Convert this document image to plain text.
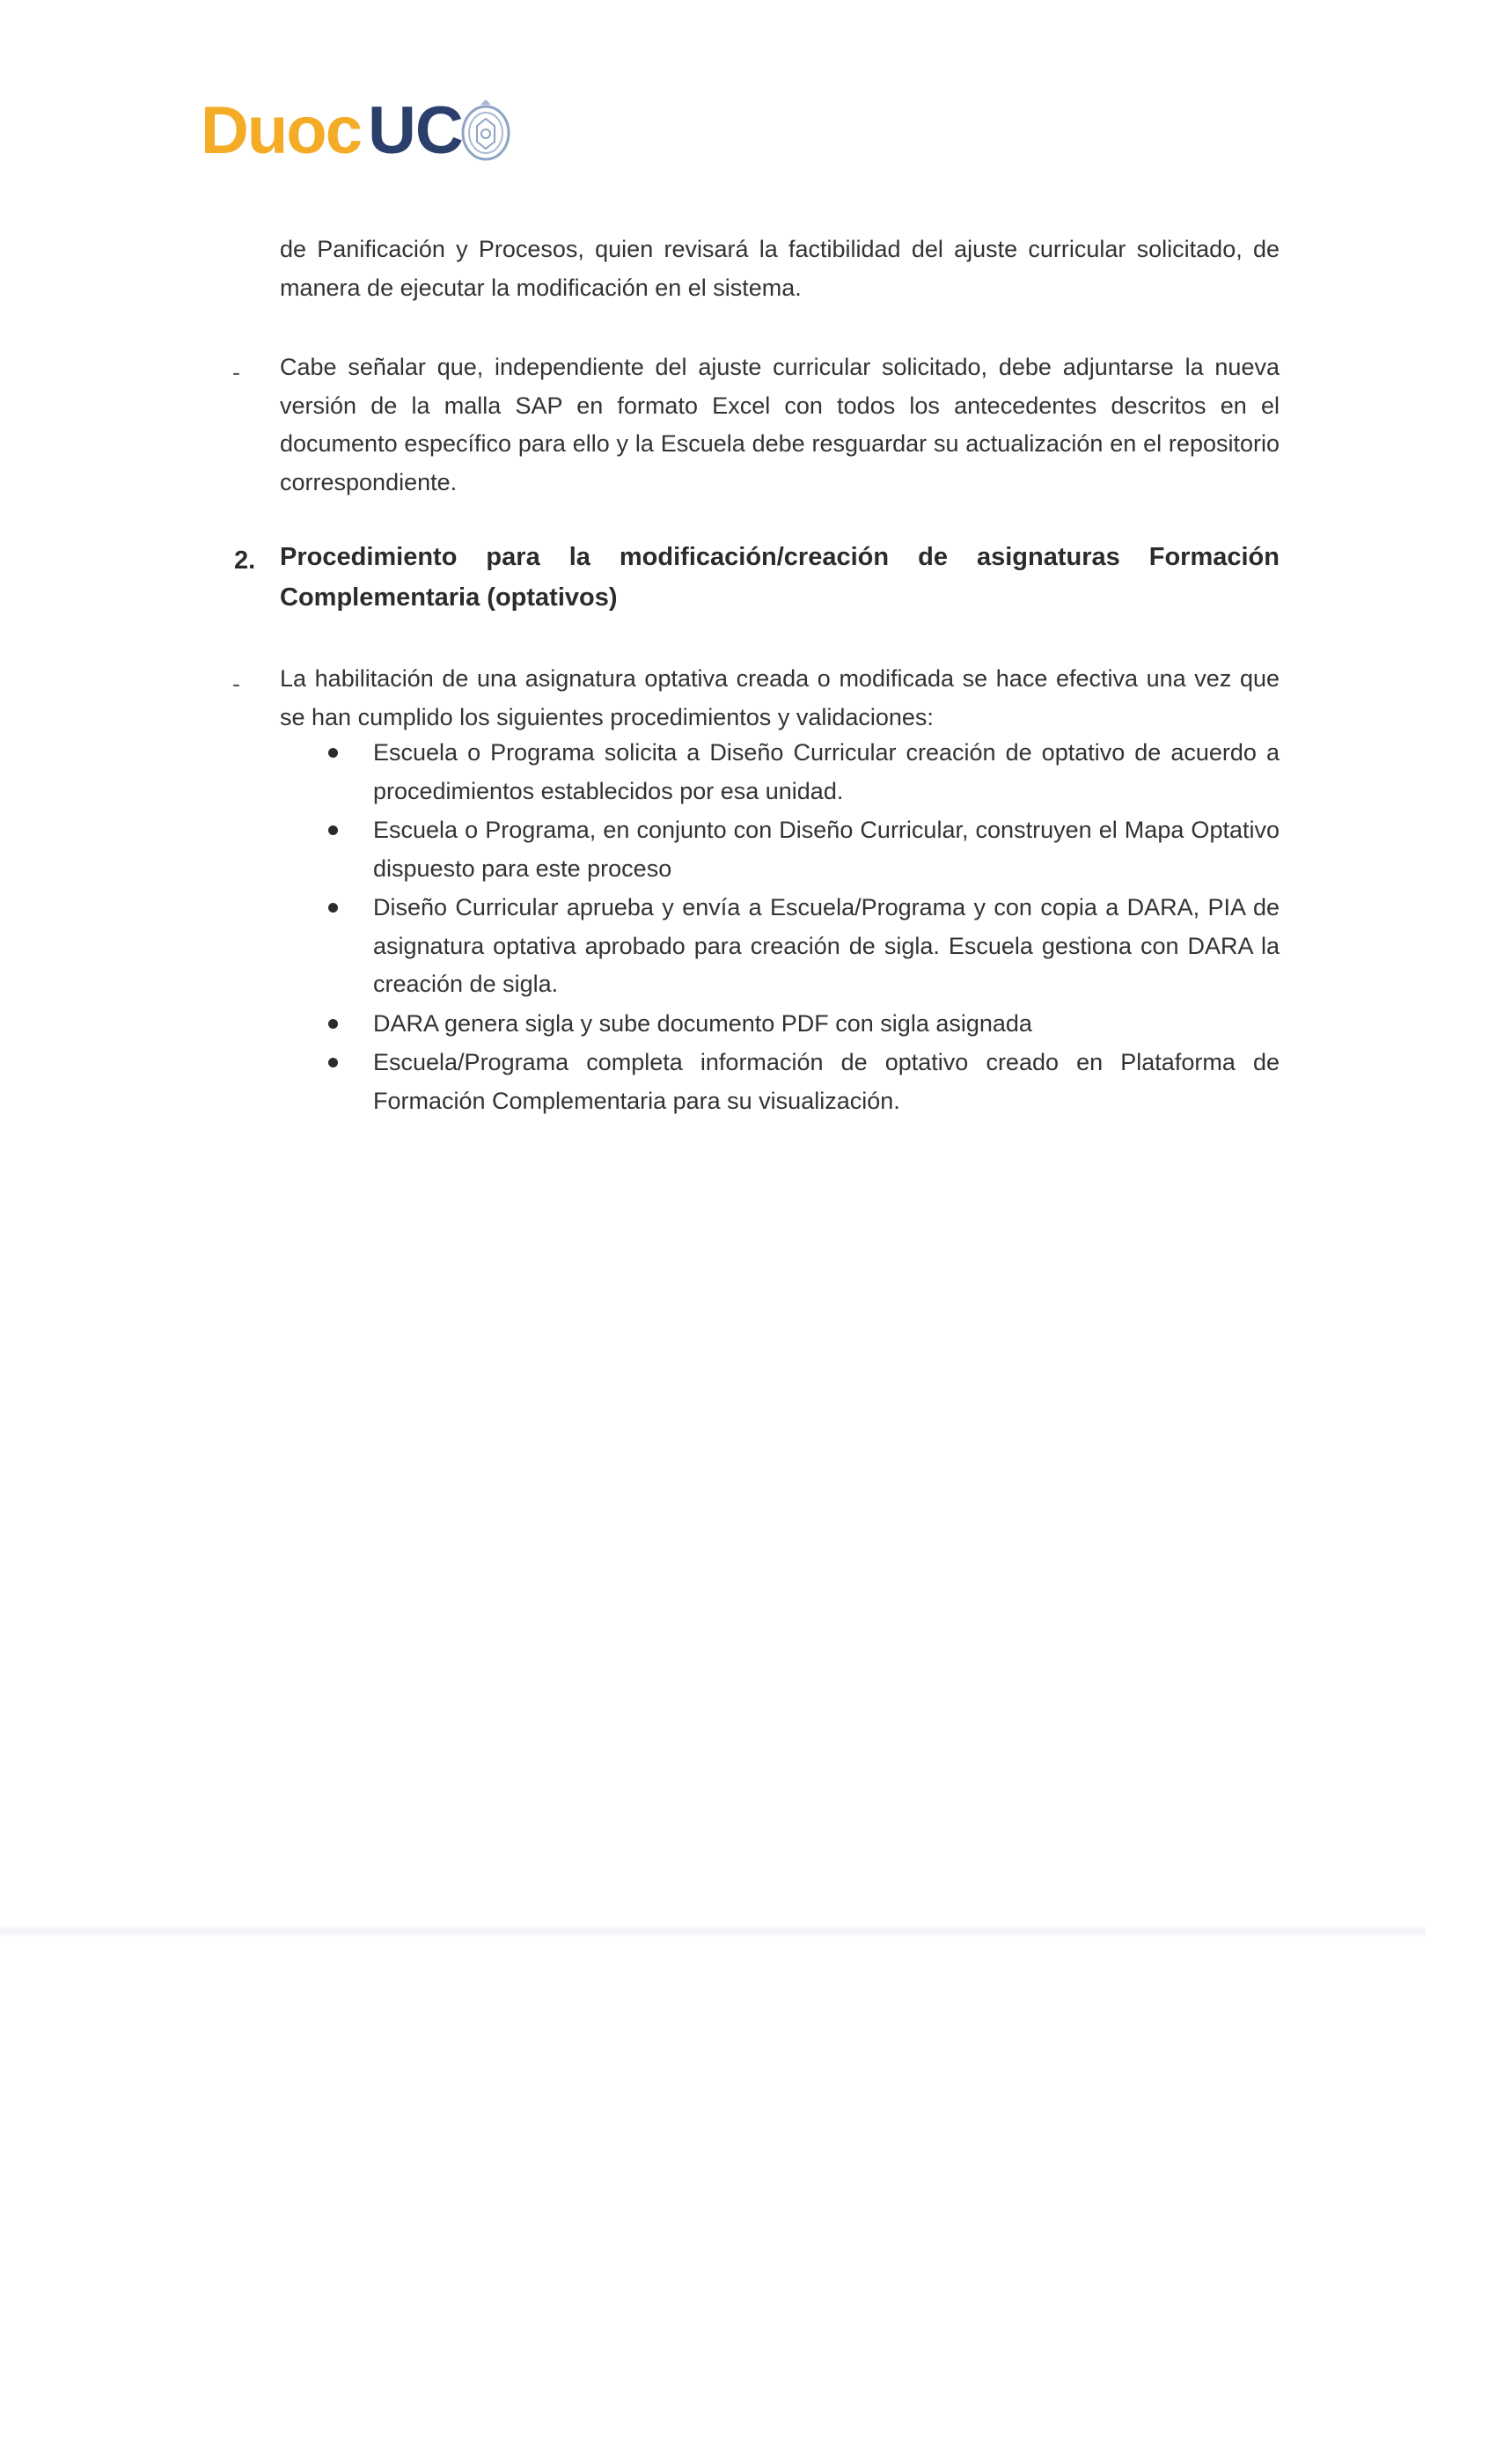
Duoc UC

de Panificación y Procesos, quien revisará la factibilidad del ajuste curricular solicitado, de manera de ejecutar la modificación en el sistema.

- Cabe señalar que, independiente del ajuste curricular solicitado, debe adjuntarse la nueva versión de la malla SAP en formato Excel con todos los antecedentes descritos en el documento específico para ello y la Escuela debe resguardar su actualización en el repositorio correspondiente.

2. Procedimiento para la modificación/creación de asignaturas Formación Complementaria (optativos)

- La habilitación de una asignatura optativa creada o modificada se hace efectiva una vez que se han cumplido los siguientes procedimientos y validaciones:

Escuela o Programa solicita a Diseño Curricular creación de optativo de acuerdo a procedimientos establecidos por esa unidad.
Escuela o Programa, en conjunto con Diseño Curricular, construyen el Mapa Optativo dispuesto para este proceso
Diseño Curricular aprueba y envía a Escuela/Programa y con copia a DARA, PIA de asignatura optativa aprobado para creación de sigla. Escuela gestiona con DARA la creación de sigla.
DARA genera sigla y sube documento PDF con sigla asignada
Escuela/Programa completa información de optativo creado en Plataforma de Formación Complementaria para su visualización.
